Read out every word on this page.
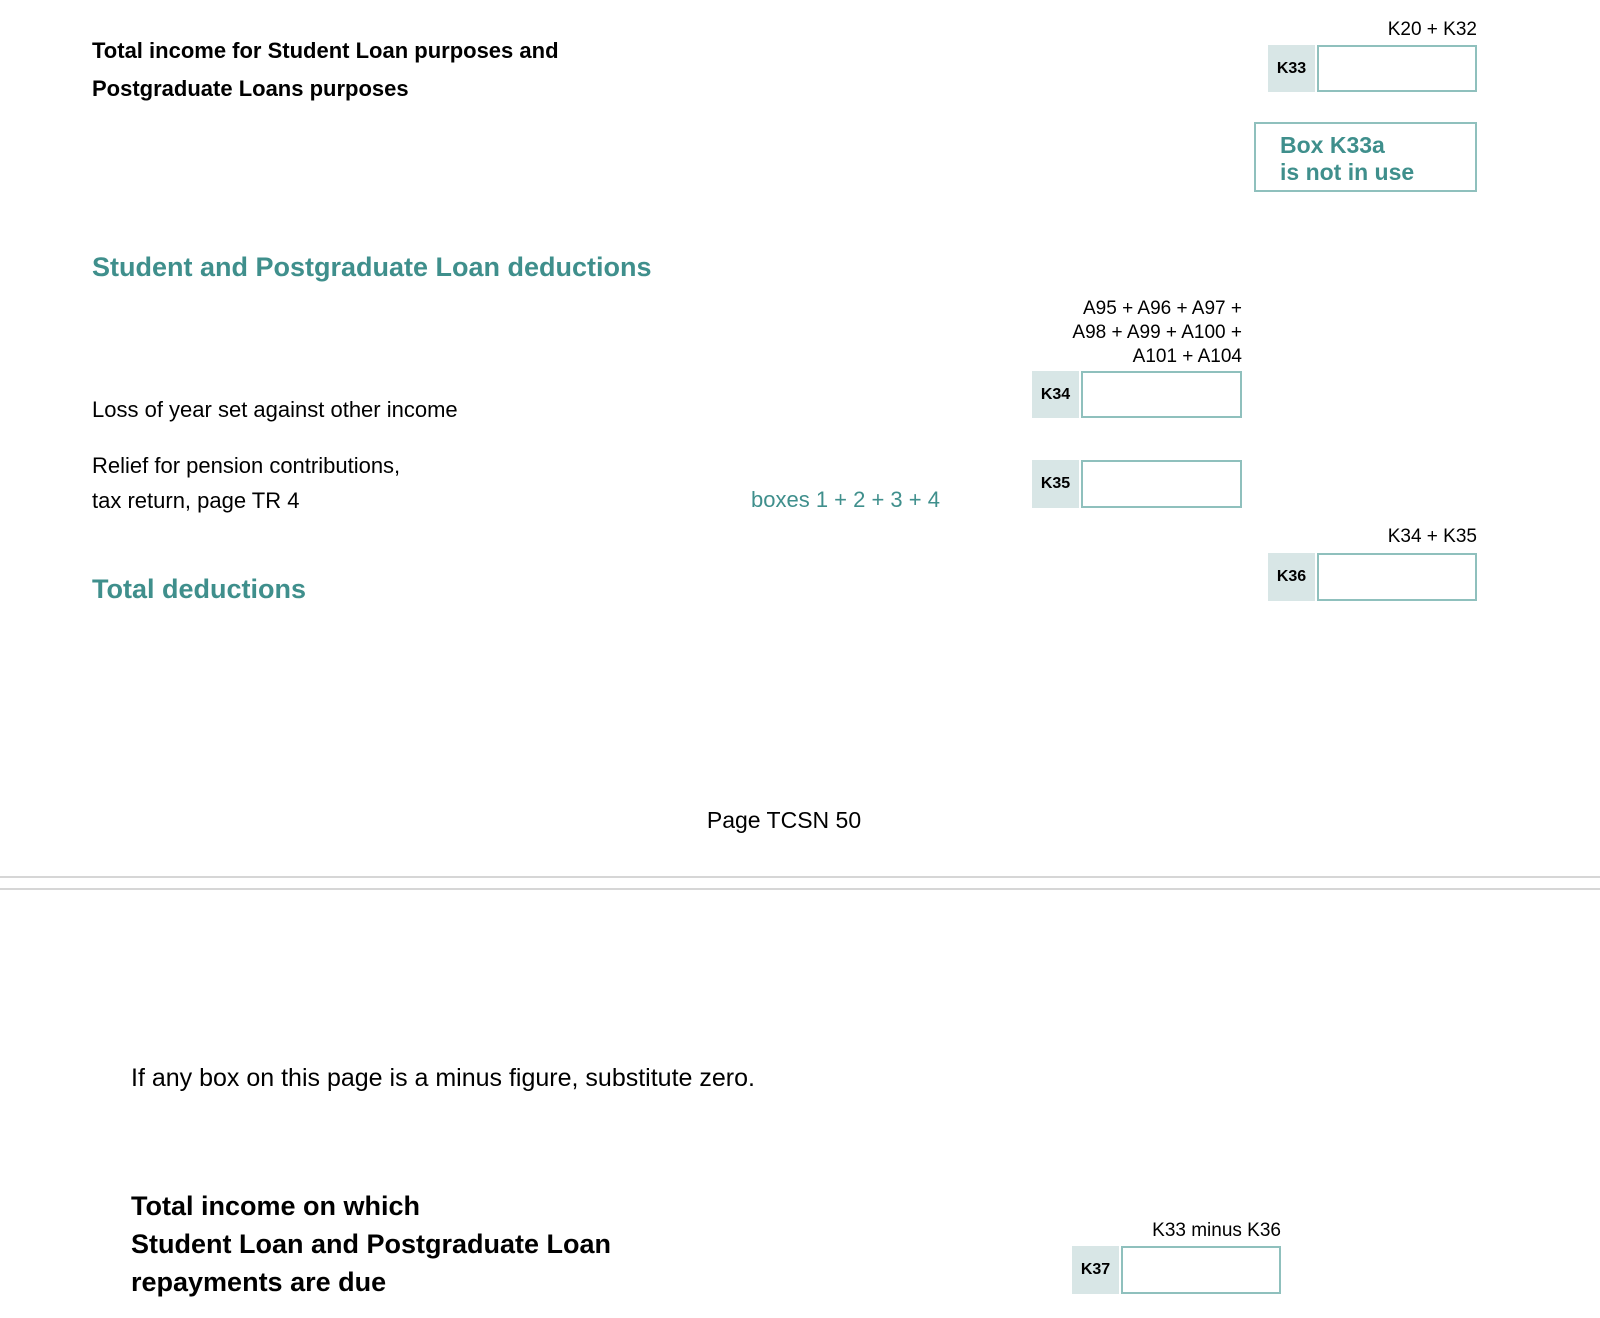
Total income for Student Loan purposes and
Postgraduate Loans purposes
K20 + K32
K33
Box K33a
is not in use
Student and Postgraduate Loan deductions
A95 + A96 + A97 +
A98 + A99 + A100 +
A101 + A104
Loss of year set against other income
K34
Relief for pension contributions,
tax return, page TR 4	boxes 1 + 2 + 3 + 4
K35
K34 + K35
Total deductions	K36
Page TCSN 50
If any box on this page is a minus figure, substitute zero.
Total income on which
Student Loan and Postgraduate Loan
repayments are due
K33 minus K36
K37
